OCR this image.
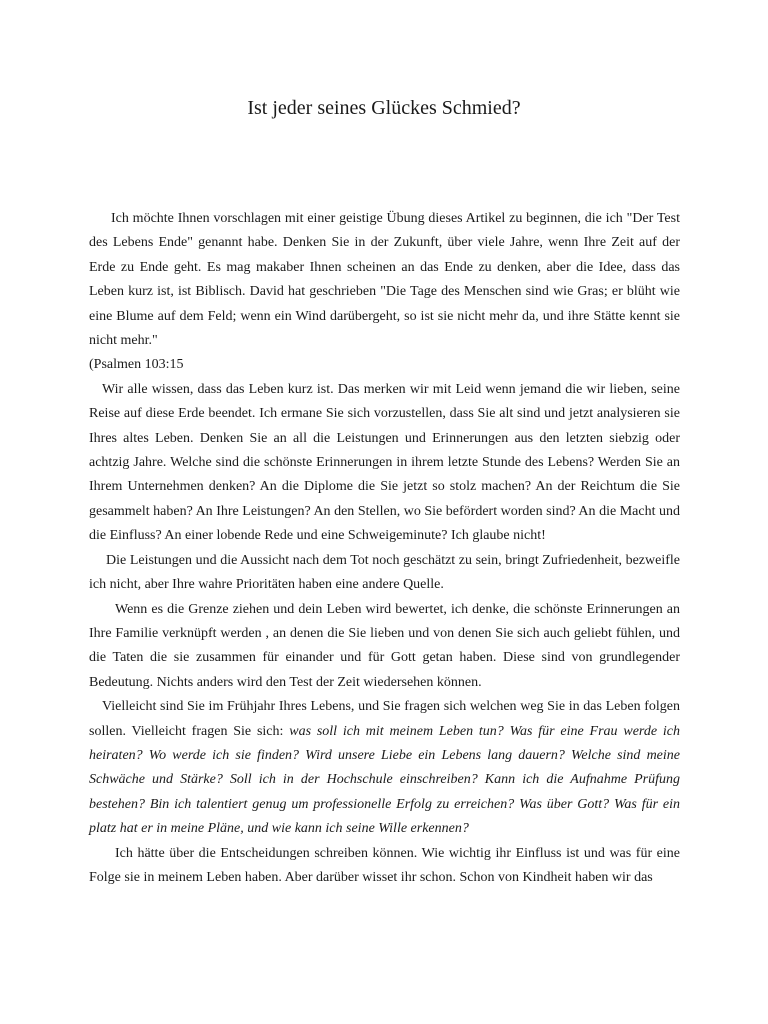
Ist jeder seines Glückes Schmied?

Ich möchte Ihnen vorschlagen mit einer geistige Übung dieses Artikel zu beginnen, die ich "Der Test des Lebens Ende" genannt habe. Denken Sie in der Zukunft, über viele Jahre, wenn Ihre Zeit auf der Erde zu Ende geht. Es mag makaber Ihnen scheinen an das Ende zu denken, aber die Idee, dass das Leben kurz ist, ist Biblisch. David hat geschrieben "Die Tage des Menschen sind wie Gras; er blüht wie eine Blume auf dem Feld; wenn ein Wind darübergeht, so ist sie nicht mehr da, und ihre Stätte kennt sie nicht mehr."

(Psalmen 103:15

Wir alle wissen, dass das Leben kurz ist. Das merken wir mit Leid wenn jemand die wir lieben, seine Reise auf diese Erde beendet. Ich ermane Sie sich vorzustellen, dass Sie alt sind und jetzt analysieren sie Ihres altes Leben. Denken Sie an all die Leistungen und Erinnerungen aus den letzten siebzig oder achtzig Jahre. Welche sind die schönste Erinnerungen in ihrem letzte Stunde des Lebens? Werden Sie an Ihrem Unternehmen denken? An die Diplome die Sie jetzt so stolz machen? An der Reichtum die Sie gesammelt haben? An Ihre Leistungen? An den Stellen, wo Sie befördert worden sind? An die Macht und die Einfluss? An einer lobende Rede und eine Schweigeminute? Ich glaube nicht!

Die Leistungen und die Aussicht nach dem Tot noch geschätzt zu sein, bringt Zufriedenheit, bezweifle ich nicht, aber Ihre wahre Prioritäten haben eine andere Quelle.

Wenn es die Grenze ziehen und dein Leben wird bewertet, ich denke, die schönste Erinnerungen an Ihre Familie verknüpft werden , an denen die Sie lieben und von denen Sie sich auch geliebt fühlen, und die Taten die sie zusammen für einander und für Gott getan haben. Diese sind von grundlegender Bedeutung. Nichts anders wird den Test der Zeit wiedersehen können.

Vielleicht sind Sie im Frühjahr Ihres Lebens, und Sie fragen sich welchen weg Sie in das Leben folgen sollen. Vielleicht fragen Sie sich: was soll ich mit meinem Leben tun? Was für eine Frau werde ich heiraten? Wo werde ich sie finden? Wird unsere Liebe ein Lebens lang dauern? Welche sind meine Schwäche und Stärke? Soll ich in der Hochschule einschreiben? Kann ich die Aufnahme Prüfung bestehen? Bin ich talentiert genug um professionelle Erfolg zu erreichen? Was über Gott? Was für ein platz hat er in meine Pläne, und wie kann ich seine Wille erkennen?

Ich hätte über die Entscheidungen schreiben können. Wie wichtig ihr Einfluss ist und was für eine Folge sie in meinem Leben haben. Aber darüber wisset ihr schon. Schon von Kindheit haben wir das
